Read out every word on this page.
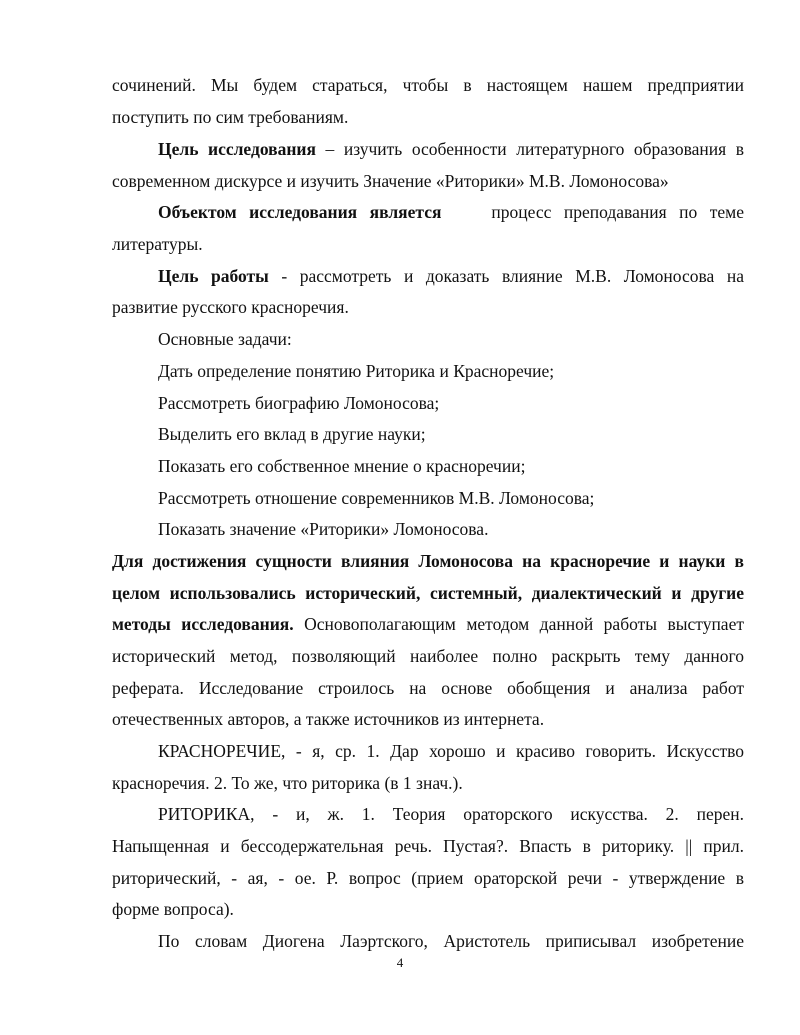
сочинений. Мы будем стараться, чтобы в настоящем нашем предприятии
поступить по сим требованиям.
Цель исследования – изучить особенности литературного образования в
современном дискурсе и изучить Значение «Риторики» М.В. Ломоносова»
Объектом исследования является	процесс преподавания по теме
литературы.
Цель работы - рассмотреть и доказать влияние М.В. Ломоносова на
развитие русского красноречия.
Основные задачи:
Дать определение понятию Риторика и Красноречие;
Рассмотреть биографию Ломоносова;
Выделить его вклад в другие науки;
Показать его собственное мнение о красноречии;
Рассмотреть отношение современников М.В. Ломоносова;
Показать значение «Риторики» Ломоносова.
Для достижения сущности влияния Ломоносова на красноречие и науки в
целом использовались исторический, системный, диалектический и другие
методы исследования. Основополагающим методом данной работы выступает
исторический метод, позволяющий наиболее полно раскрыть тему данного
реферата. Исследование строилось на основе обобщения и анализа работ
отечественных авторов, а также источников из интернета.
КРАСНОРЕЧИЕ, - я, ср. 1. Дар хорошо и красиво говорить. Искусство
красноречия. 2. То же, что риторика (в 1 знач.).
РИТОРИКА, - и, ж. 1. Теория ораторского искусства. 2. перен.
Напыщенная и бессодержательная речь. Пустая?. Впасть в риторику. || прил.
риторический, - ая, - ое. Р. вопрос (прием ораторской речи - утверждение в
форме вопроса).
По словам Диогена Лаэртского, Аристотель приписывал изобретение
4
